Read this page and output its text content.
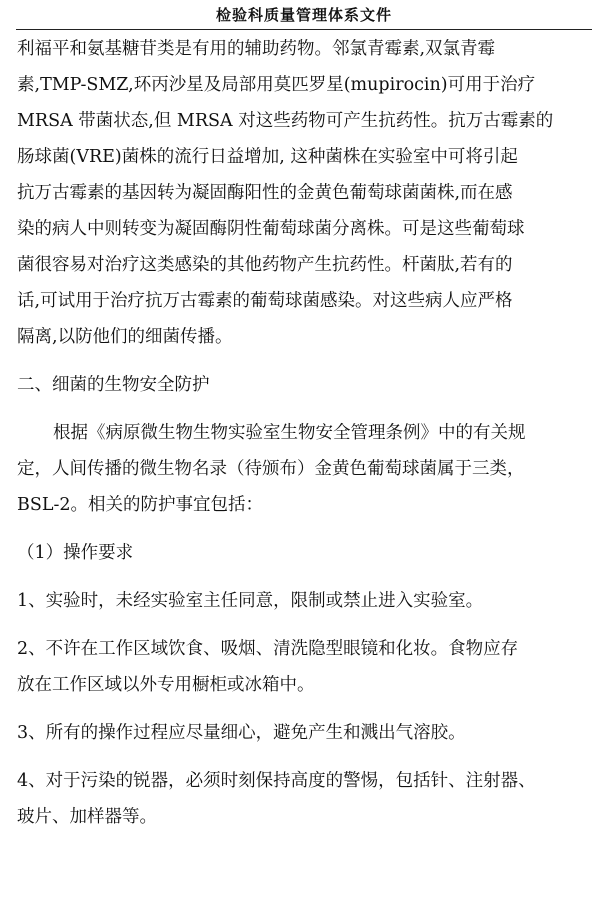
检验科质量管理体系文件
利福平和氨基糖苷类是有用的辅助药物。邻氯青霉素,双氯青霉
素,TMP-SMZ,环丙沙星及局部用莫匹罗星(mupirocin)可用于治疗
MRSA 带菌状态,但 MRSA 对这些药物可产生抗药性。抗万古霉素的
肠球菌(VRE)菌株的流行日益增加, 这种菌株在实验室中可将引起
抗万古霉素的基因转为凝固酶阳性的金黄色葡萄球菌菌株,而在感
染的病人中则转变为凝固酶阴性葡萄球菌分离株。可是这些葡萄球
菌很容易对治疗这类感染的其他药物产生抗药性。杆菌肽,若有的
话,可试用于治疗抗万古霉素的葡萄球菌感染。对这些病人应严格
隔离,以防他们的细菌传播。
二、细菌的生物安全防护
根据《病原微生物生物实验室生物安全管理条例》中的有关规
定，人间传播的微生物名录（待颁布）金黄色葡萄球菌属于三类，
BSL-2。相关的防护事宜包括：
（1）操作要求
1、实验时，未经实验室主任同意，限制或禁止进入实验室。
2、不许在工作区域饮食、吸烟、清洗隐型眼镜和化妆。食物应存
放在工作区域以外专用橱柜或冰箱中。
3、所有的操作过程应尽量细心，避免产生和溅出气溶胶。
4、对于污染的锐器，必须时刻保持高度的警惕，包括针、注射器、
玻片、加样器等。
